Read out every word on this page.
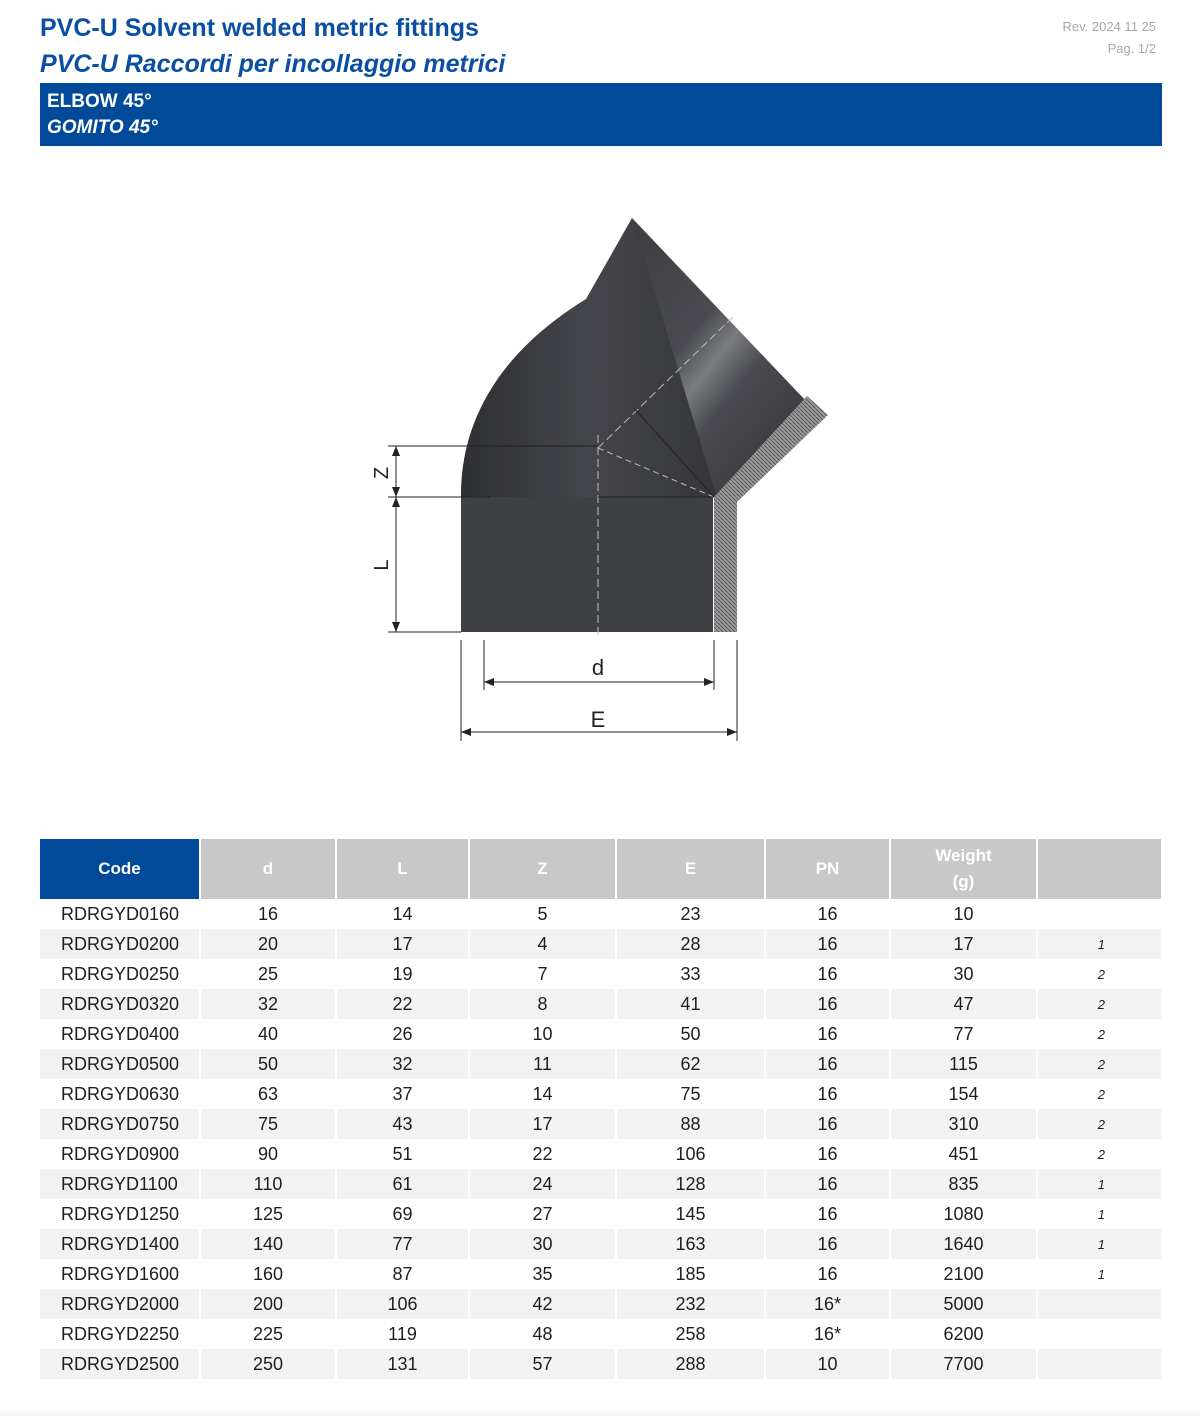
PVC-U Solvent welded metric fittings
PVC-U Raccordi per incollaggio metrici
Rev. 2024 11 25
Pag. 1/2
ELBOW 45°
GOMITO 45°
Z
L
d
E
Code	d	L	Z	E	PN	Weight
(g)	
RDRGYD0160	16	14	5	23	16	10	
RDRGYD0200	20	17	4	28	16	17	1
RDRGYD0250	25	19	7	33	16	30	2
RDRGYD0320	32	22	8	41	16	47	2
RDRGYD0400	40	26	10	50	16	77	2
RDRGYD0500	50	32	11	62	16	115	2
RDRGYD0630	63	37	14	75	16	154	2
RDRGYD0750	75	43	17	88	16	310	2
RDRGYD0900	90	51	22	106	16	451	2
RDRGYD1100	110	61	24	128	16	835	1
RDRGYD1250	125	69	27	145	16	1080	1
RDRGYD1400	140	77	30	163	16	1640	1
RDRGYD1600	160	87	35	185	16	2100	1
RDRGYD2000	200	106	42	232	16*	5000	
RDRGYD2250	225	119	48	258	16*	6200	
RDRGYD2500	250	131	57	288	10	7700	
